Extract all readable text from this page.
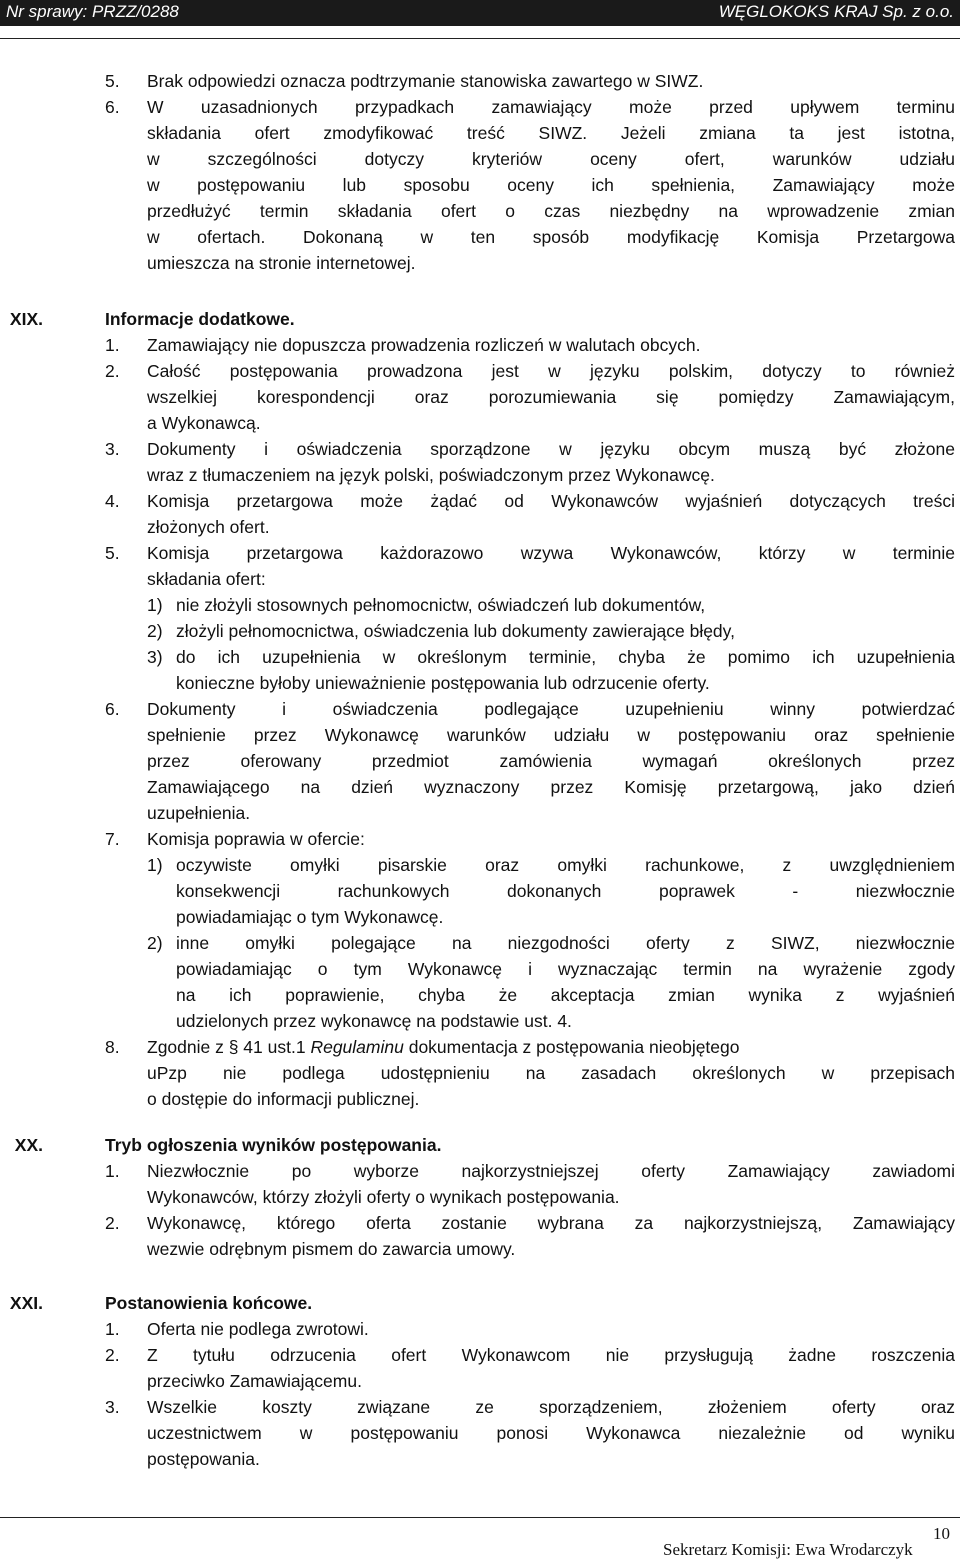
Nr sprawy: PRZZ/0288	WĘGLOKOKS KRAJ Sp. z o.o.
5. Brak odpowiedzi oznacza podtrzymanie stanowiska zawartego w SIWZ.
6. W uzasadnionych przypadkach zamawiający może przed upływem terminu
składania ofert zmodyfikować treść SIWZ. Jeżeli zmiana ta jest istotna,
w szczególności dotyczy kryteriów oceny ofert, warunków udziału
w postępowaniu lub sposobu oceny ich spełnienia, Zamawiający może
przedłużyć termin składania ofert o czas niezbędny na wprowadzenie zmian
w ofertach. Dokonaną w ten sposób modyfikację Komisja Przetargowa
umieszcza na stronie internetowej.
XIX.	Informacje dodatkowe.
1. Zamawiający nie dopuszcza prowadzenia rozliczeń w walutach obcych.
2. Całość postępowania prowadzona jest w języku polskim, dotyczy to również
wszelkiej korespondencji oraz porozumiewania się pomiędzy Zamawiającym,
a Wykonawcą.
3. Dokumenty i oświadczenia sporządzone w języku obcym muszą być złożone
wraz z tłumaczeniem na język polski, poświadczonym przez Wykonawcę.
4. Komisja przetargowa może żądać od Wykonawców wyjaśnień dotyczących treści
złożonych ofert.
5. Komisja przetargowa każdorazowo wzywa Wykonawców, którzy w terminie
składania ofert:
1) nie złożyli stosownych pełnomocnictw, oświadczeń lub dokumentów,
2) złożyli pełnomocnictwa, oświadczenia lub dokumenty zawierające błędy,
3) do ich uzupełnienia w określonym terminie, chyba że pomimo ich uzupełnienia
konieczne byłoby unieważnienie postępowania lub odrzucenie oferty.
6. Dokumenty i oświadczenia podlegające uzupełnieniu winny potwierdzać
spełnienie przez Wykonawcę warunków udziału w postępowaniu oraz spełnienie
przez oferowany przedmiot zamówienia wymagań określonych przez
Zamawiającego na dzień wyznaczony przez Komisję przetargową, jako dzień
uzupełnienia.
7. Komisja poprawia w ofercie:
1) oczywiste omyłki pisarskie oraz omyłki rachunkowe, z uwzględnieniem
konsekwencji rachunkowych dokonanych poprawek - niezwłocznie
powiadamiając o tym Wykonawcę.
2) inne omyłki polegające na niezgodności oferty z SIWZ, niezwłocznie
powiadamiając o tym Wykonawcę i wyznaczając termin na wyrażenie zgody
na ich poprawienie, chyba że akceptacja zmian wynika z wyjaśnień
udzielonych przez wykonawcę na podstawie ust. 4.
8. Zgodnie z § 41 ust.1 Regulaminu dokumentacja z postępowania nieobjętego
uPzp nie podlega udostępnieniu na zasadach określonych w przepisach
o dostępie do informacji publicznej.
XX.	Tryb ogłoszenia wyników postępowania.
1. Niezwłocznie po wyborze najkorzystniejszej oferty Zamawiający zawiadomi
Wykonawców, którzy złożyli oferty o wynikach postępowania.
2. Wykonawcę, którego oferta zostanie wybrana za najkorzystniejszą, Zamawiający
wezwie odrębnym pismem do zawarcia umowy.
XXI.	Postanowienia końcowe.
1. Oferta nie podlega zwrotowi.
2. Z tytułu odrzucenia ofert Wykonawcom nie przysługują żadne roszczenia
przeciwko Zamawiającemu.
3. Wszelkie koszty związane ze sporządzeniem, złożeniem oferty oraz
uczestnictwem w postępowaniu ponosi Wykonawca niezależnie od wyniku
postępowania.
10
Sekretarz Komisji: Ewa Wrodarczyk
